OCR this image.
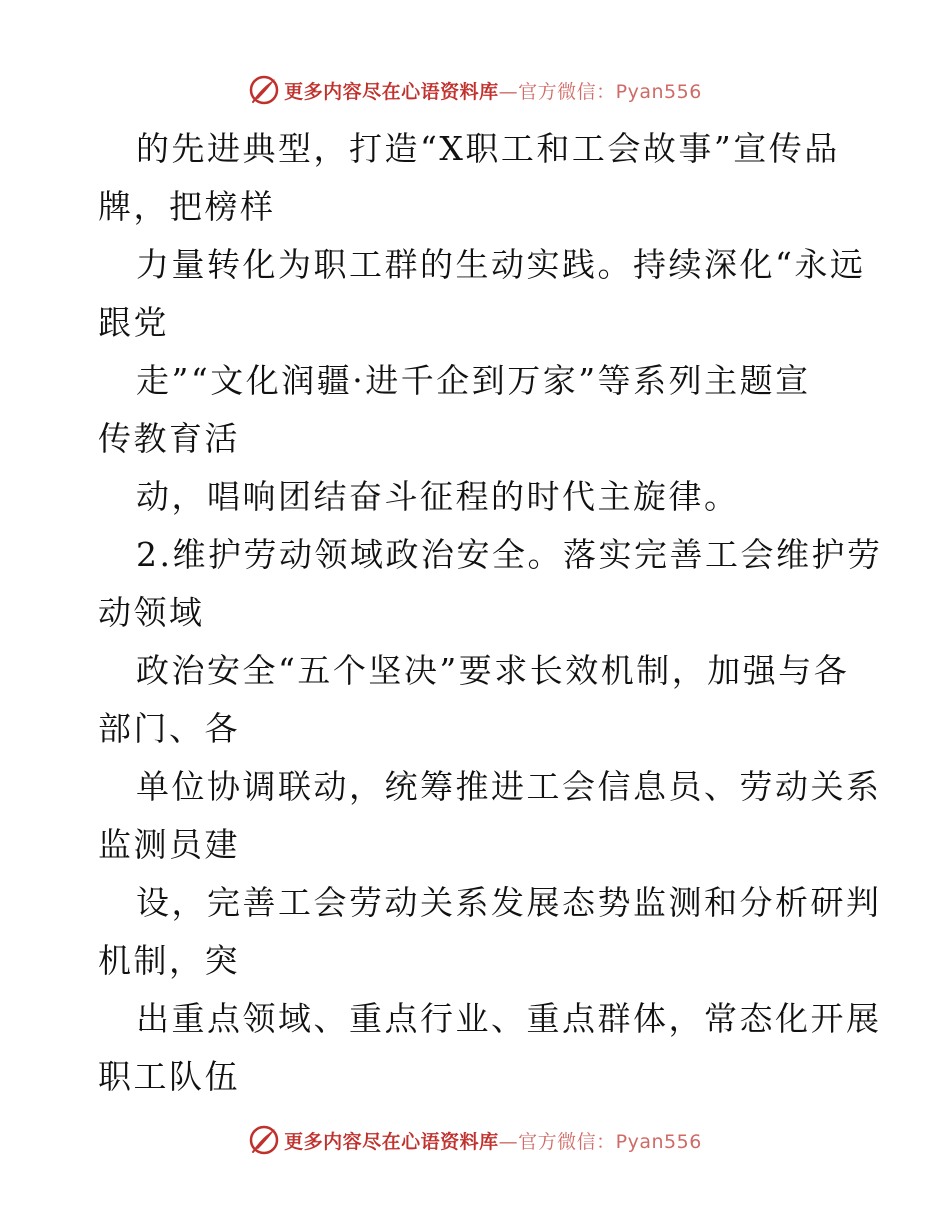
更多内容尽在心语资料库 —官方微信：Pyan556
的先进典型，打造“X职工和工会故事”宣传品
牌，把榜样
力量转化为职工群的生动实践。持续深化“永远
跟党
走”“文化润疆·进千企到万家”等系列主题宣
传教育活
动，唱响团结奋斗征程的时代主旋律。
2.维护劳动领域政治安全。落实完善工会维护劳
动领域
政治安全“五个坚决”要求长效机制，加强与各
部门、各
单位协调联动，统筹推进工会信息员、劳动关系
监测员建
设，完善工会劳动关系发展态势监测和分析研判
机制，突
出重点领域、重点行业、重点群体，常态化开展
职工队伍
更多内容尽在心语资料库 —官方微信：Pyan556
